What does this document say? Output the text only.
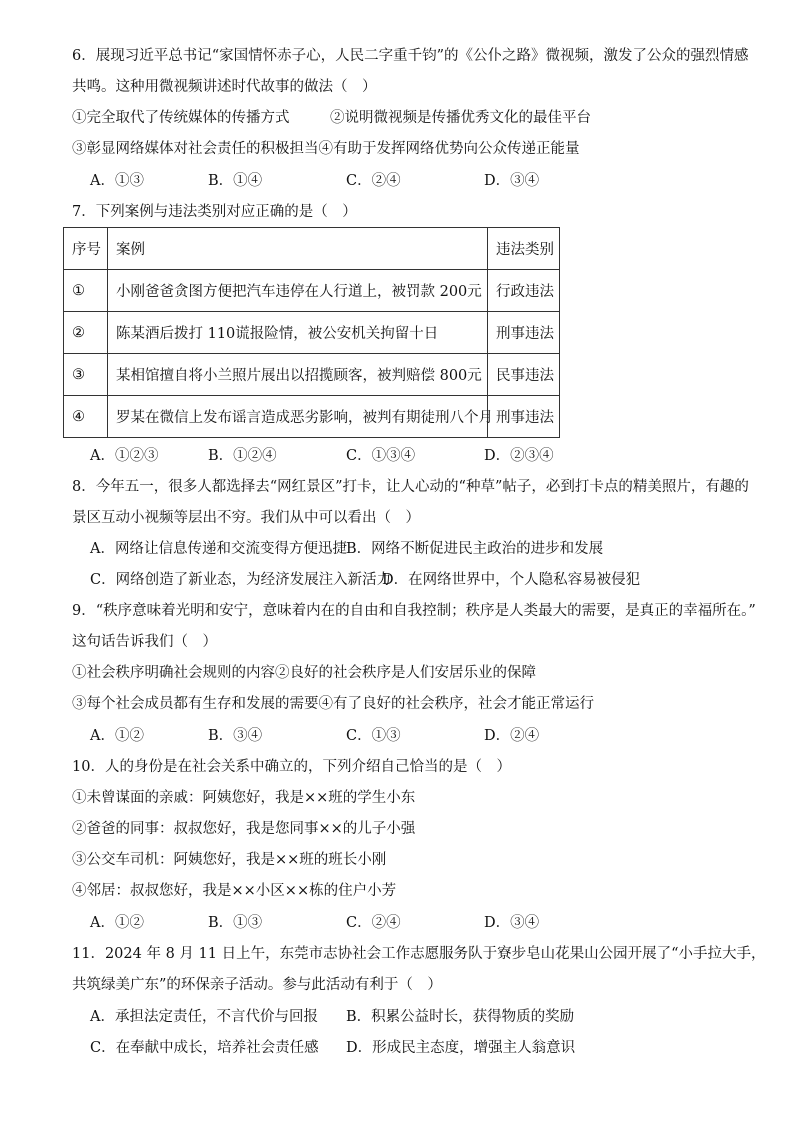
6．展现习近平总书记“家国情怀赤子心，人民二字重千钧”的《公仆之路》微视频，激发了公众的强烈情感
共鸣。这种用微视频讲述时代故事的做法（　）
①完全取代了传统媒体的传播方式	②说明微视频是传播优秀文化的最佳平台
③彰显网络媒体对社会责任的积极担当④有助于发挥网络优势向公众传递正能量
A．①③	B．①④	C．②④	D．③④
7．下列案例与违法类别对应正确的是（　）
序号	案例	违法类别
①	小刚爸爸贪图方便把汽车违停在人行道上，被罚款 200元	行政违法
②	陈某酒后拨打 110谎报险情，被公安机关拘留十日	刑事违法
③	某相馆擅自将小兰照片展出以招揽顾客，被判赔偿 800元	民事违法
④	罗某在微信上发布谣言造成恶劣影响，被判有期徒刑八个月	刑事违法
A．①②③	B．①②④	C．①③④	D．②③④
8．今年五一，很多人都选择去“网红景区”打卡，让人心动的“种草”帖子，必到打卡点的精美照片，有趣的
景区互动小视频等层出不穷。我们从中可以看出（　）
A．网络让信息传递和交流变得方便迅捷 B．网络不断促进民主政治的进步和发展
C．网络创造了新业态，为经济发展注入新活力
D．在网络世界中，个人隐私容易被侵犯
9．“秩序意味着光明和安宁，意味着内在的自由和自我控制；秩序是人类最大的需要，是真正的幸福所在。”
这句话告诉我们（　）
①社会秩序明确社会规则的内容②良好的社会秩序是人们安居乐业的保障
③每个社会成员都有生存和发展的需要④有了良好的社会秩序，社会才能正常运行
A．①②	B．③④	C．①③	D．②④
10．人的身份是在社会关系中确立的，下列介绍自己恰当的是（　）
①未曾谋面的亲戚：阿姨您好，我是××班的学生小东
②爸爸的同事：叔叔您好，我是您同事××的儿子小强
③公交车司机：阿姨您好，我是××班的班长小刚
④邻居：叔叔您好，我是××小区××栋的住户小芳
A．①②	B．①③	C．②④	D．③④
11．2024 年 8 月 11 日上午，东莞市志协社会工作志愿服务队于寮步皂山花果山公园开展了“小手拉大手，
共筑绿美广东”的环保亲子活动。参与此活动有利于（　）
A．承担法定责任，不言代价与回报 B．积累公益时长，获得物质的奖励
C．在奉献中成长，培养社会责任感 D．形成民主态度，增强主人翁意识
